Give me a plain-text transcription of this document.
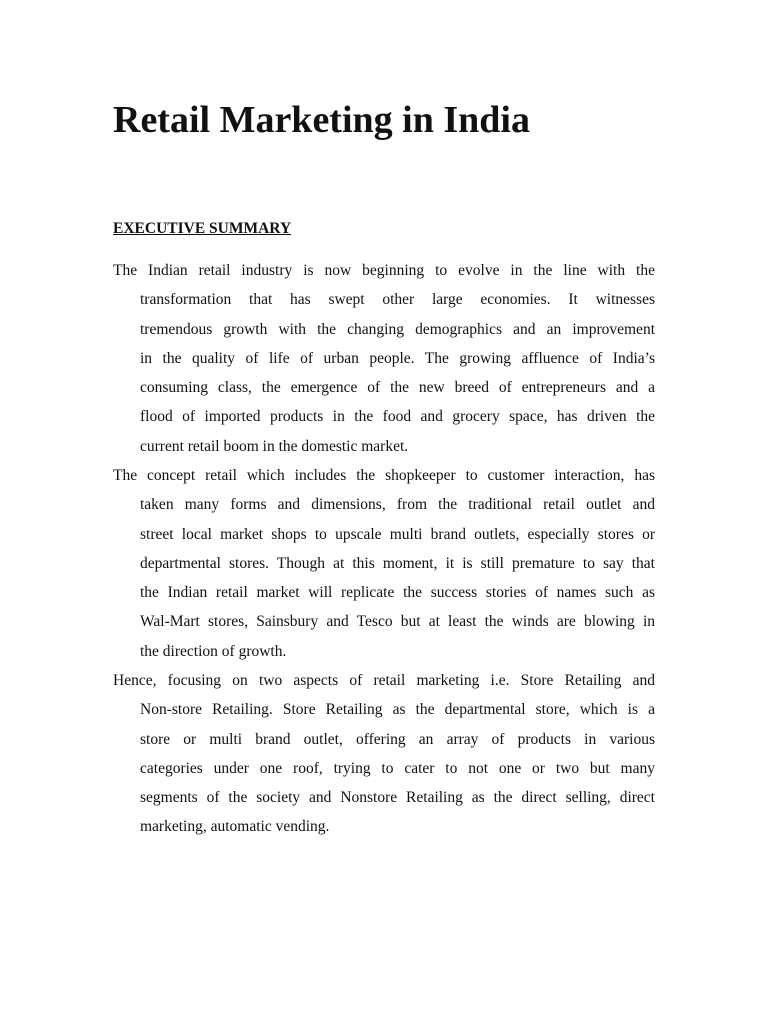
Retail Marketing in India
EXECUTIVE SUMMARY
The Indian retail industry is now beginning to evolve in the line with the
transformation that has swept other large economies. It witnesses
tremendous growth with the changing demographics and an improvement
in the quality of life of urban people. The growing affluence of India’s
consuming class, the emergence of the new breed of entrepreneurs and a
flood of imported products in the food and grocery space, has driven the
current retail boom in the domestic market.
The concept retail which includes the shopkeeper to customer interaction, has
taken many forms and dimensions, from the traditional retail outlet and
street local market shops to upscale multi brand outlets, especially stores or
departmental stores. Though at this moment, it is still premature to say that
the Indian retail market will replicate the success stories of names such as
Wal-Mart stores, Sainsbury and Tesco but at least the winds are blowing in
the direction of growth.
Hence, focusing on two aspects of retail marketing i.e. Store Retailing and
Non-store Retailing. Store Retailing as the departmental store, which is a
store or multi brand outlet, offering an array of products in various
categories under one roof, trying to cater to not one or two but many
segments of the society and Nonstore Retailing as the direct selling, direct
marketing, automatic vending.
